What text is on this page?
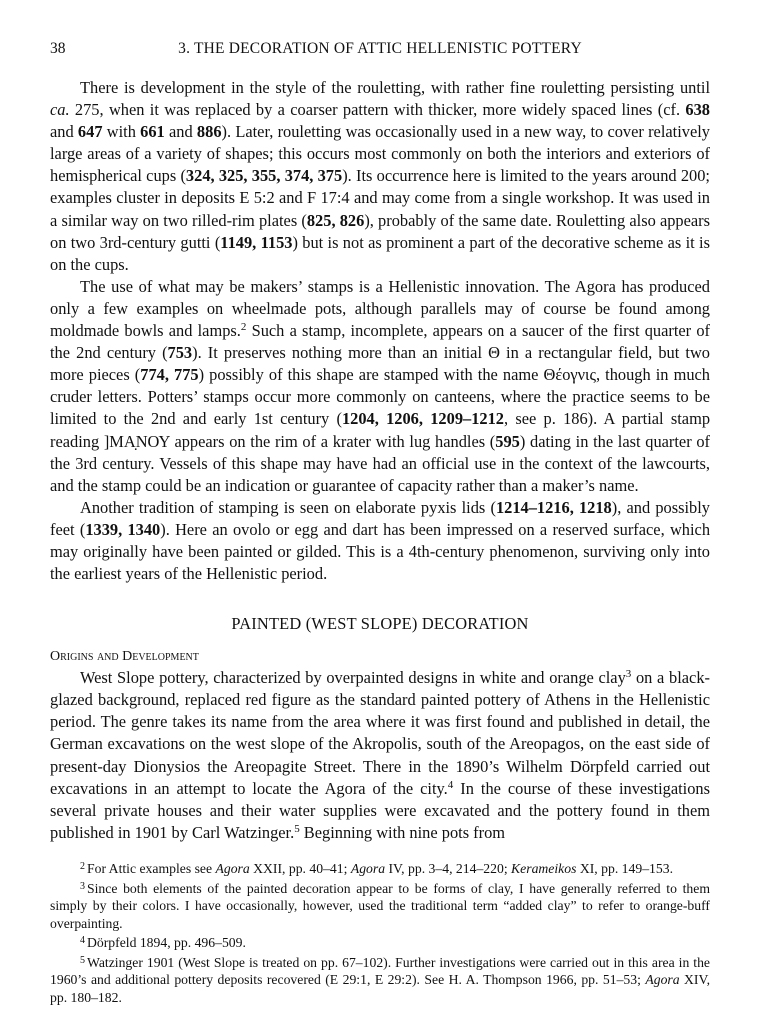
38	3. THE DECORATION OF ATTIC HELLENISTIC POTTERY

There is development in the style of the rouletting, with rather fine rouletting persisting until ca. 275, when it was replaced by a coarser pattern with thicker, more widely spaced lines (cf. 638 and 647 with 661 and 886). Later, rouletting was occasionally used in a new way, to cover relatively large areas of a variety of shapes; this occurs most commonly on both the interiors and exteriors of hemispherical cups (324, 325, 355, 374, 375). Its occurrence here is limited to the years around 200; examples cluster in deposits E 5:2 and F 17:4 and may come from a single workshop. It was used in a similar way on two rilled-rim plates (825, 826), probably of the same date. Rouletting also appears on two 3rd-century gutti (1149, 1153) but is not as prominent a part of the decorative scheme as it is on the cups.

The use of what may be makers’ stamps is a Hellenistic innovation. The Agora has produced only a few examples on wheelmade pots, although parallels may of course be found among moldmade bowls and lamps.$^2$ Such a stamp, incomplete, appears on a saucer of the first quarter of the 2nd century (753). It preserves nothing more than an initial Θ in a rectangular field, but two more pieces (774, 775) possibly of this shape are stamped with the name Θέογνις, though in much cruder letters. Potters’ stamps occur more commonly on canteens, where the practice seems to be limited to the 2nd and early 1st century (1204, 1206, 1209–1212, see p. 186). A partial stamp reading ]ΜΑ̣ΝΟΥ appears on the rim of a krater with lug handles (595) dating in the last quarter of the 3rd century. Vessels of this shape may have had an official use in the context of the lawcourts, and the stamp could be an indication or guarantee of capacity rather than a maker’s name.

Another tradition of stamping is seen on elaborate pyxis lids (1214–1216, 1218), and possibly feet (1339, 1340). Here an ovolo or egg and dart has been impressed on a reserved surface, which may originally have been painted or gilded. This is a 4th-century phenomenon, surviving only into the earliest years of the Hellenistic period.

PAINTED (WEST SLOPE) DECORATION
Origins and Development

West Slope pottery, characterized by overpainted designs in white and orange clay$^3$ on a black-glazed background, replaced red figure as the standard painted pottery of Athens in the Hellenistic period. The genre takes its name from the area where it was first found and published in detail, the German excavations on the west slope of the Akropolis, south of the Areopagos, on the east side of present-day Dionysios the Areopagite Street. There in the 1890’s Wilhelm Dörpfeld carried out excavations in an attempt to locate the Agora of the city.$^4$ In the course of these investigations several private houses and their water supplies were excavated and the pottery found in them published in 1901 by Carl Watzinger.$^5$ Beginning with nine pots from

$^2$ For Attic examples see Agora XXII, pp. 40–41; Agora IV, pp. 3–4, 214–220; Kerameikos XI, pp. 149–153.

$^3$ Since both elements of the painted decoration appear to be forms of clay, I have generally referred to them simply by their colors. I have occasionally, however, used the traditional term “added clay” to refer to orange-buff overpainting.

$^4$ Dörpfeld 1894, pp. 496–509.

$^5$ Watzinger 1901 (West Slope is treated on pp. 67–102). Further investigations were carried out in this area in the 1960’s and additional pottery deposits recovered (E 29:1, E 29:2). See H. A. Thompson 1966, pp. 51–53; Agora XIV, pp. 180–182.
